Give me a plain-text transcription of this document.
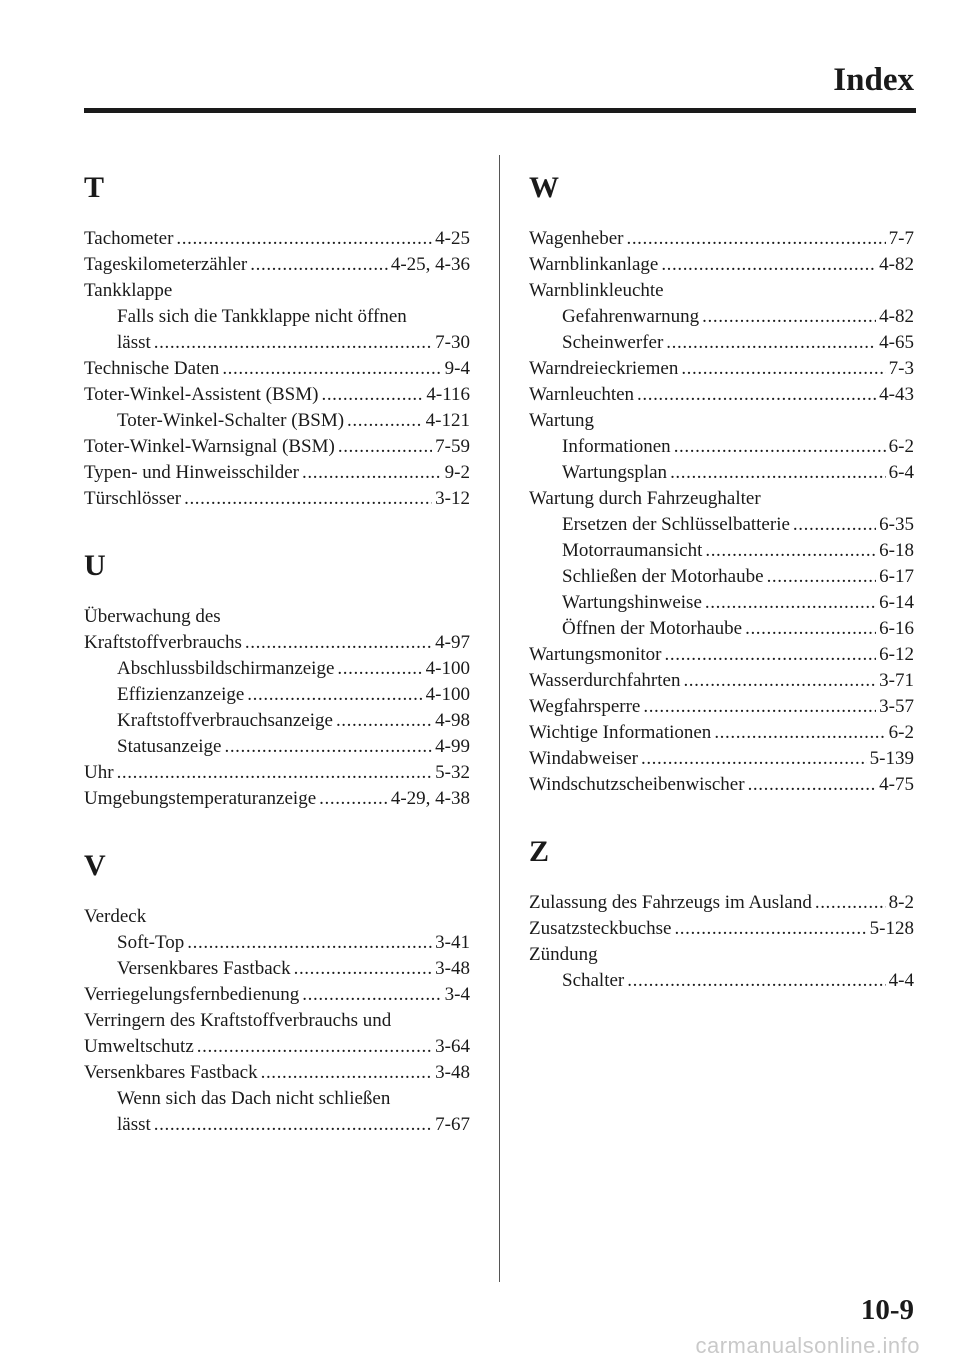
Index
T
Tachometer .....	4-25
Tageskilometerzähler .....	4-25, 4-36
Tankklappe
Falls sich die Tankklappe nicht öffnen
lässt .....	7-30
Technische Daten .....	9-4
Toter-Winkel-Assistent (BSM) .....	4-116
Toter-Winkel-Schalter (BSM) .....	4-121
Toter-Winkel-Warnsignal (BSM) .....	7-59
Typen- und Hinweisschilder .....	9-2
Türschlösser .....	3-12
U
Überwachung des
Kraftstoffverbrauchs .....	4-97
Abschlussbildschirmanzeige .....	4-100
Effizienzanzeige .....	4-100
Kraftstoffverbrauchsanzeige .....	4-98
Statusanzeige .....	4-99
Uhr .....	5-32
Umgebungstemperaturanzeige .....	4-29, 4-38
V
Verdeck
Soft-Top .....	3-41
Versenkbares Fastback .....	3-48
Verriegelungsfernbedienung .....	3-4
Verringern des Kraftstoffverbrauchs und
Umweltschutz .....	3-64
Versenkbares Fastback .....	3-48
Wenn sich das Dach nicht schließen
lässt .....	7-67
W
Wagenheber .....	7-7
Warnblinkanlage .....	4-82
Warnblinkleuchte
Gefahrenwarnung .....	4-82
Scheinwerfer .....	4-65
Warndreieckriemen .....	7-3
Warnleuchten .....	4-43
Wartung
Informationen .....	6-2
Wartungsplan .....	6-4
Wartung durch Fahrzeughalter
Ersetzen der Schlüsselbatterie .....	6-35
Motorraumansicht .....	6-18
Schließen der Motorhaube .....	6-17
Wartungshinweise .....	6-14
Öffnen der Motorhaube .....	6-16
Wartungsmonitor .....	6-12
Wasserdurchfahrten .....	3-71
Wegfahrsperre .....	3-57
Wichtige Informationen .....	6-2
Windabweiser .....	5-139
Windschutzscheibenwischer .....	4-75
Z
Zulassung des Fahrzeugs im Ausland .....	8-2
Zusatzsteckbuchse .....	5-128
Zündung
Schalter .....	4-4
10-9
carmanualsonline.info
